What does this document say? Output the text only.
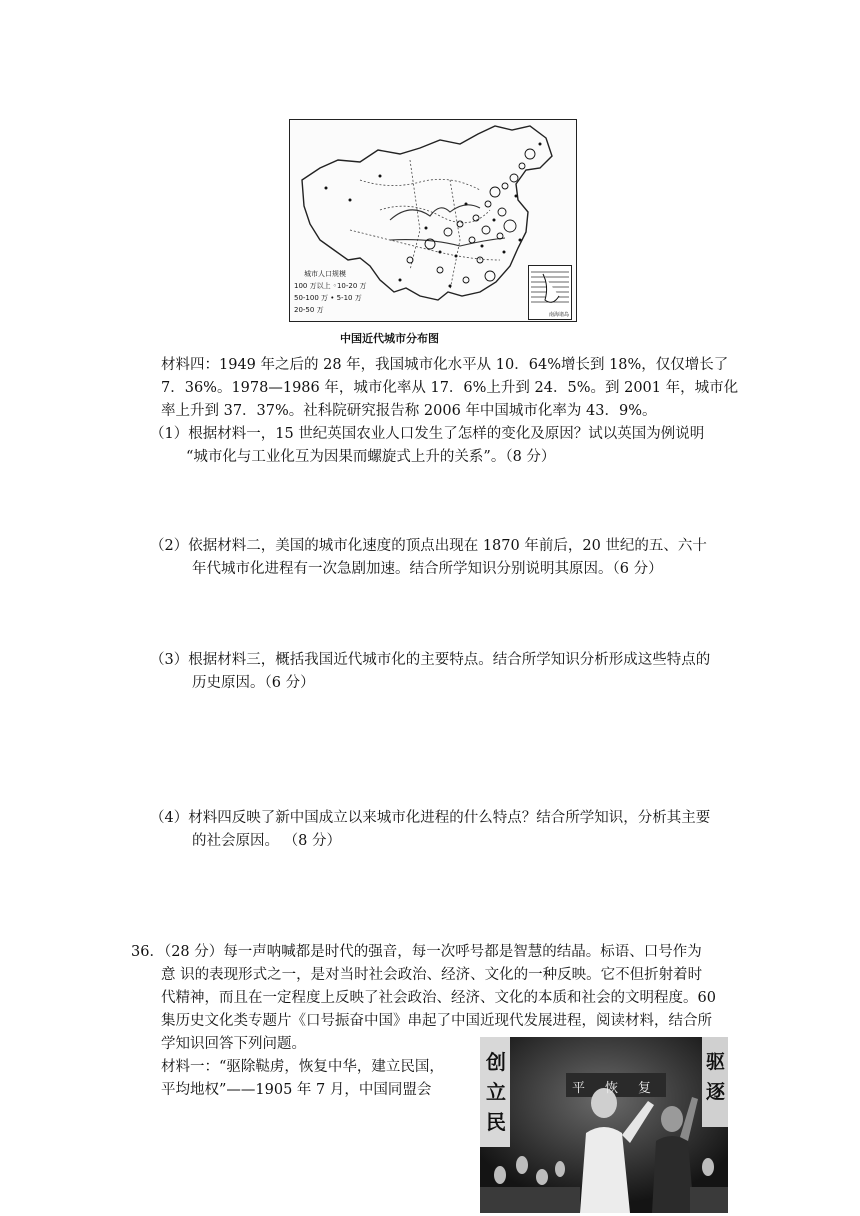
城市人口规模
100 万以上 ◦10-20 万
50-100 万 • 5-10 万
20-50 万
南海诸岛
中国近代城市分布图
材料四：1949 年之后的 28 年，我国城市化水平从 10．64%增长到 18%，仅仅增长了
7．36%。1978—1986 年，城市化率从 17．6%上升到 24．5%。到 2001 年，城市化
率上升到 37．37%。社科院研究报告称 2006 年中国城市化率为 43．9%。
（1）根据材料一，15 世纪英国农业人口发生了怎样的变化及原因？试以英国为例说明
“城市化与工业化互为因果而螺旋式上升的关系”。（8 分）
（2）依据材料二，美国的城市化速度的顶点出现在 1870 年前后，20 世纪的五、六十
年代城市化进程有一次急剧加速。结合所学知识分别说明其原因。（6 分）
（3）根据材料三，概括我国近代城市化的主要特点。结合所学知识分析形成这些特点的
历史原因。（6 分）
（4）材料四反映了新中国成立以来城市化进程的什么特点？结合所学知识，分析其主要
的社会原因。 （8 分）
36．（28 分）每一声呐喊都是时代的强音，每一次呼号都是智慧的结晶。标语、口号作为
意 识的表现形式之一，是对当时社会政治、经济、文化的一种反映。它不但折射着时
代精神，而且在一定程度上反映了社会政治、经济、文化的本质和社会的文明程度。60
集历史文化类专题片《口号振奋中国》串起了中国近现代发展进程，阅读材料，结合所
学知识回答下列问题。
材料一：“驱除鞑虏，恢复中华，建立民国，
平均地权”——1905 年 7 月，中国同盟会
创
立
民
平恢复
驱
逐
